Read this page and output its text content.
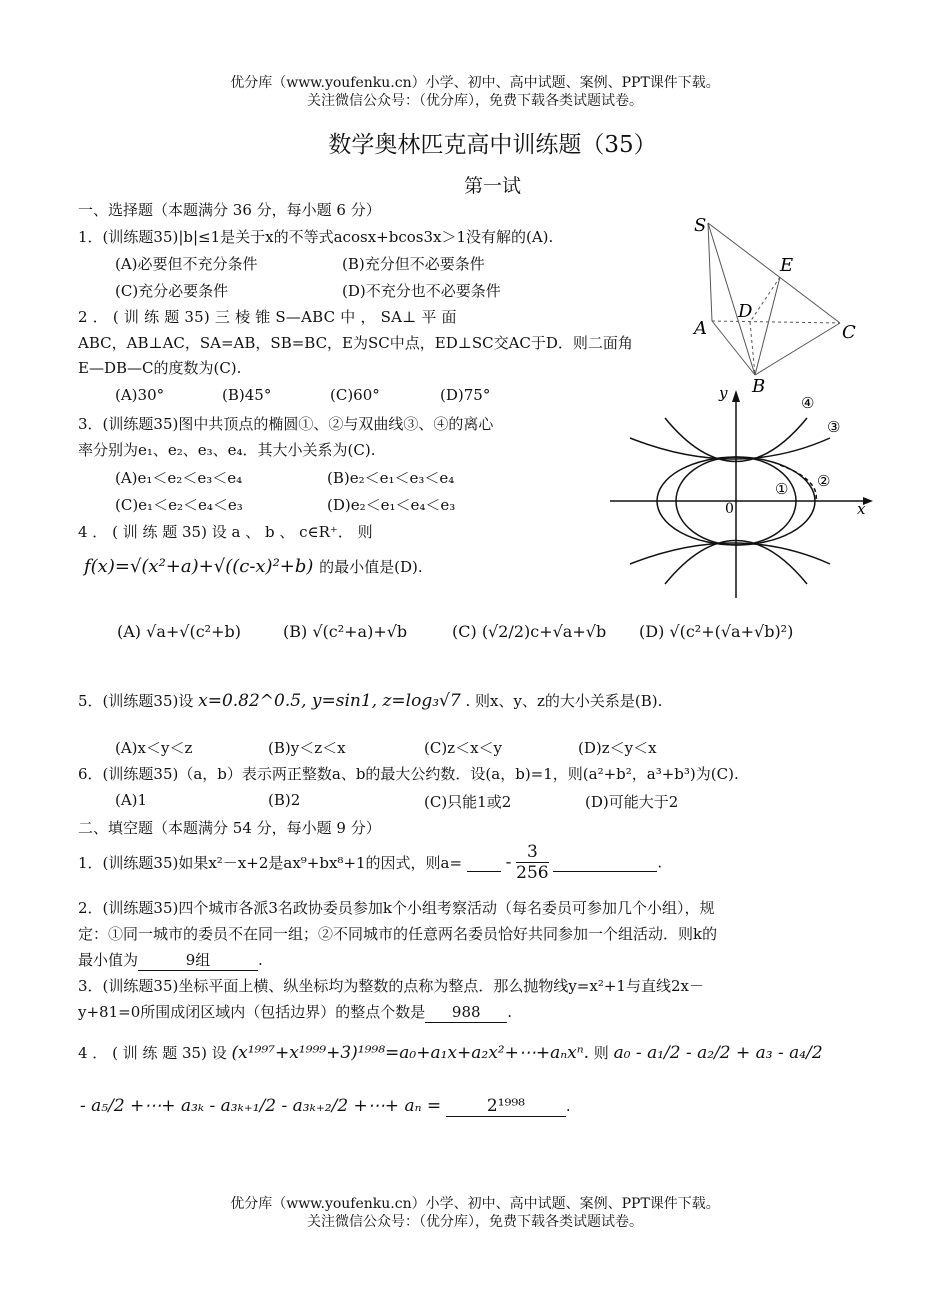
优分库（www.youfenku.cn）小学、初中、高中试题、案例、PPT课件下载。
关注微信公众号：（优分库），免费下载各类试题试卷。
数学奥林匹克高中训练题（35）
第一试
一、选择题（本题满分 36 分，每小题 6 分）
1．(训练题35)|b|≤1是关于x的不等式acosx+bcos3x＞1没有解的(A).
(A)必要但不充分条件	(B)充分但不必要条件
(C)充分必要条件	(D)不充分也不必要条件
2 ． ( 训 练 题 35) 三 棱 锥 S—ABC 中 ， SA⊥ 平 面
ABC，AB⊥AC，SA=AB，SB=BC，E为SC中点，ED⊥SC交AC于D．则二面角
E—DB—C的度数为(C).
(A)30°	(B)45°	(C)60°	(D)75°
3．(训练题35)图中共顶点的椭圆①、②与双曲线③、④的离心
率分别为e₁、e₂、e₃、e₄．其大小关系为(C).
(A)e₁＜e₂＜e₃＜e₄	(B)e₂＜e₁＜e₃＜e₄
(C)e₁＜e₂＜e₄＜e₃	(D)e₂＜e₁＜e₄＜e₃
4 ． ( 训 练 题 35) 设 a 、 b 、 c∈R⁺． 则
f(x)=√(x²+a)+√((c-x)²+b) 的最小值是(D).
(A) √a+√(c²+b)	(B) √(c²+a)+√b	(C) (√2/2)c+√a+√b (D) √(c²+(√a+√b)²)
5．(训练题35)设 x=0.82^0.5, y=sin1, z=log₃√7 . 则x、y、z的大小关系是(B).
(A)x＜y＜z	(B)y＜z＜x	(C)z＜x＜y	(D)z＜y＜x
6．(训练题35)（a，b）表示两正整数a、b的最大公约数．设(a，b)=1，则(a²+b²，a³+b³)为(C).
(A)1	(B)2	(C)只能1或2	(D)可能大于2
二、填空题（本题满分 54 分，每小题 9 分）
1．(训练题35)如果x²－x+2是ax⁹+bx⁸+1的因式，则a=	- $\frac{3}{256}$	.
2．(训练题35)四个城市各派3名政协委员参加k个小组考察活动（每名委员可参加几个小组），规
定：①同一城市的委员不在同一组；②不同城市的任意两名委员恰好共同参加一个组活动．则k的
最小值为	9组	.
3．(训练题35)坐标平面上横、纵坐标均为整数的点称为整点．那么抛物线y=x²+1与直线2x－
y+81=0所围成闭区域内（包括边界）的整点个数是 988 .
4 ． ( 训 练 题 35) 设 (x¹⁹⁹⁷+x¹⁹⁹⁹+3)¹⁹⁹⁸=a₀+a₁x+a₂x²+⋯+aₙxⁿ. 则 a₀ - a₁/2 - a₂/2 + a₃ - a₄/2
- a₅/2 +⋯+ a₃ₖ - a₃ₖ₊₁/2 - a₃ₖ₊₂/2 +⋯+ aₙ =	2¹⁹⁹⁸	.
优分库（www.youfenku.cn）小学、初中、高中试题、案例、PPT课件下载。
关注微信公众号：（优分库），免费下载各类试题试卷。
S
E
D
A	C
B
y
x
0
① ②
③
④
